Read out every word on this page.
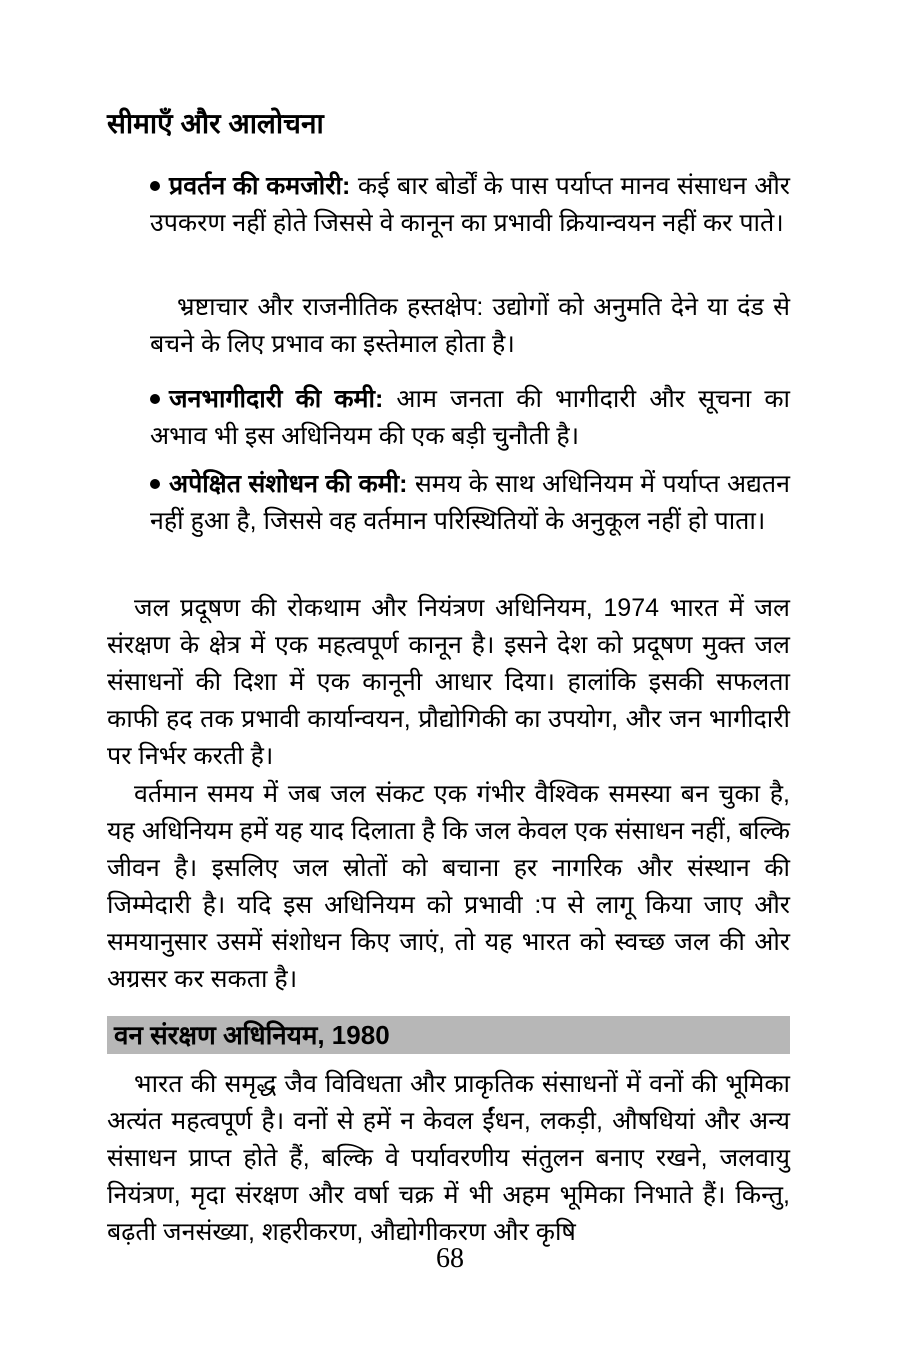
सीमाएँ और आलोचना

प्रवर्तन की कमजोरी: कई बार बोर्डों के पास पर्याप्त मानव संसाधन और उपकरण नहीं होते जिससे वे कानून का प्रभावी क्रियान्वयन नहीं कर पाते।

भ्रष्टाचार और राजनीतिक हस्तक्षेप: उद्योगों को अनुमति देने या दंड से बचने के लिए प्रभाव का इस्तेमाल होता है।

जनभागीदारी की कमी: आम जनता की भागीदारी और सूचना का अभाव भी इस अधिनियम की एक बड़ी चुनौती है।

अपेक्षित संशोधन की कमी: समय के साथ अधिनियम में पर्याप्त अद्यतन नहीं हुआ है, जिससे वह वर्तमान परिस्थितियों के अनुकूल नहीं हो पाता।

जल प्रदूषण की रोकथाम और नियंत्रण अधिनियम, 1974 भारत में जल संरक्षण के क्षेत्र में एक महत्वपूर्ण कानून है। इसने देश को प्रदूषण मुक्त जल संसाधनों की दिशा में एक कानूनी आधार दिया। हालांकि इसकी सफलता काफी हद तक प्रभावी कार्यान्वयन, प्रौद्योगिकी का उपयोग, और जन भागीदारी पर निर्भर करती है।

वर्तमान समय में जब जल संकट एक गंभीर वैश्विक समस्या बन चुका है, यह अधिनियम हमें यह याद दिलाता है कि जल केवल एक संसाधन नहीं, बल्कि जीवन है। इसलिए जल स्रोतों को बचाना हर नागरिक और संस्थान की जिम्मेदारी है। यदि इस अधिनियम को प्रभावी :प से लागू किया जाए और समयानुसार उसमें संशोधन किए जाएं, तो यह भारत को स्वच्छ जल की ओर अग्रसर कर सकता है।

वन संरक्षण अधिनियम, 1980

भारत की समृद्ध जैव विविधता और प्राकृतिक संसाधनों में वनों की भूमिका अत्यंत महत्वपूर्ण है। वनों से हमें न केवल ईंधन, लकड़ी, औषधियां और अन्य संसाधन प्राप्त होते हैं, बल्कि वे पर्यावरणीय संतुलन बनाए रखने, जलवायु नियंत्रण, मृदा संरक्षण और वर्षा चक्र में भी अहम भूमिका निभाते हैं। किन्तु, बढ़ती जनसंख्या, शहरीकरण, औद्योगीकरण और कृषि

68
